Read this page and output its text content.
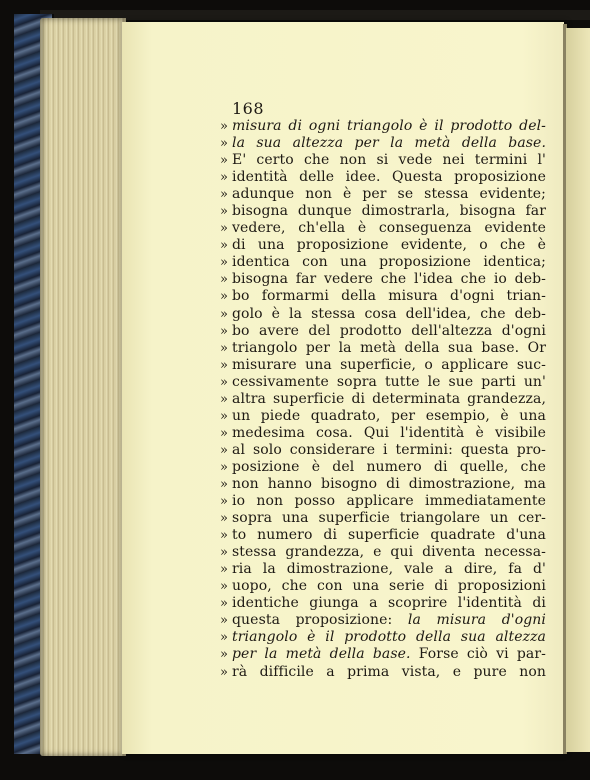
168
» misura di ogni triangolo è il prodotto del-
» la sua altezza per la metà della base.
» E' certo che non si vede nei termini l'
» identità delle idee. Questa proposizione
» adunque non è per se stessa evidente;
» bisogna dunque dimostrarla, bisogna far
» vedere, ch'ella è conseguenza evidente
» di una proposizione evidente, o che è
» identica con una proposizione identica;
» bisogna far vedere che l'idea che io deb-
» bo formarmi della misura d'ogni trian-
» golo è la stessa cosa dell'idea, che deb-
» bo avere del prodotto dell'altezza d'ogni
» triangolo per la metà della sua base. Or
» misurare una superficie, o applicare suc-
» cessivamente sopra tutte le sue parti un'
» altra superficie di determinata grandezza,
» un piede quadrato, per esempio, è una
» medesima cosa. Qui l'identità è visibile
» al solo considerare i termini: questa pro-
» posizione è del numero di quelle, che
» non hanno bisogno di dimostrazione, ma
» io non posso applicare immediatamente
» sopra una superficie triangolare un cer-
» to numero di superficie quadrate d'una
» stessa grandezza, e qui diventa necessa-
» ria la dimostrazione, vale a dire, fa d'
» uopo, che con una serie di proposizioni
» identiche giunga a scoprire l'identità di
» questa proposizione: la misura d'ogni
» triangolo è il prodotto della sua altezza
» per la metà della base. Forse ciò vi par-
» rà difficile a prima vista, e pure non
